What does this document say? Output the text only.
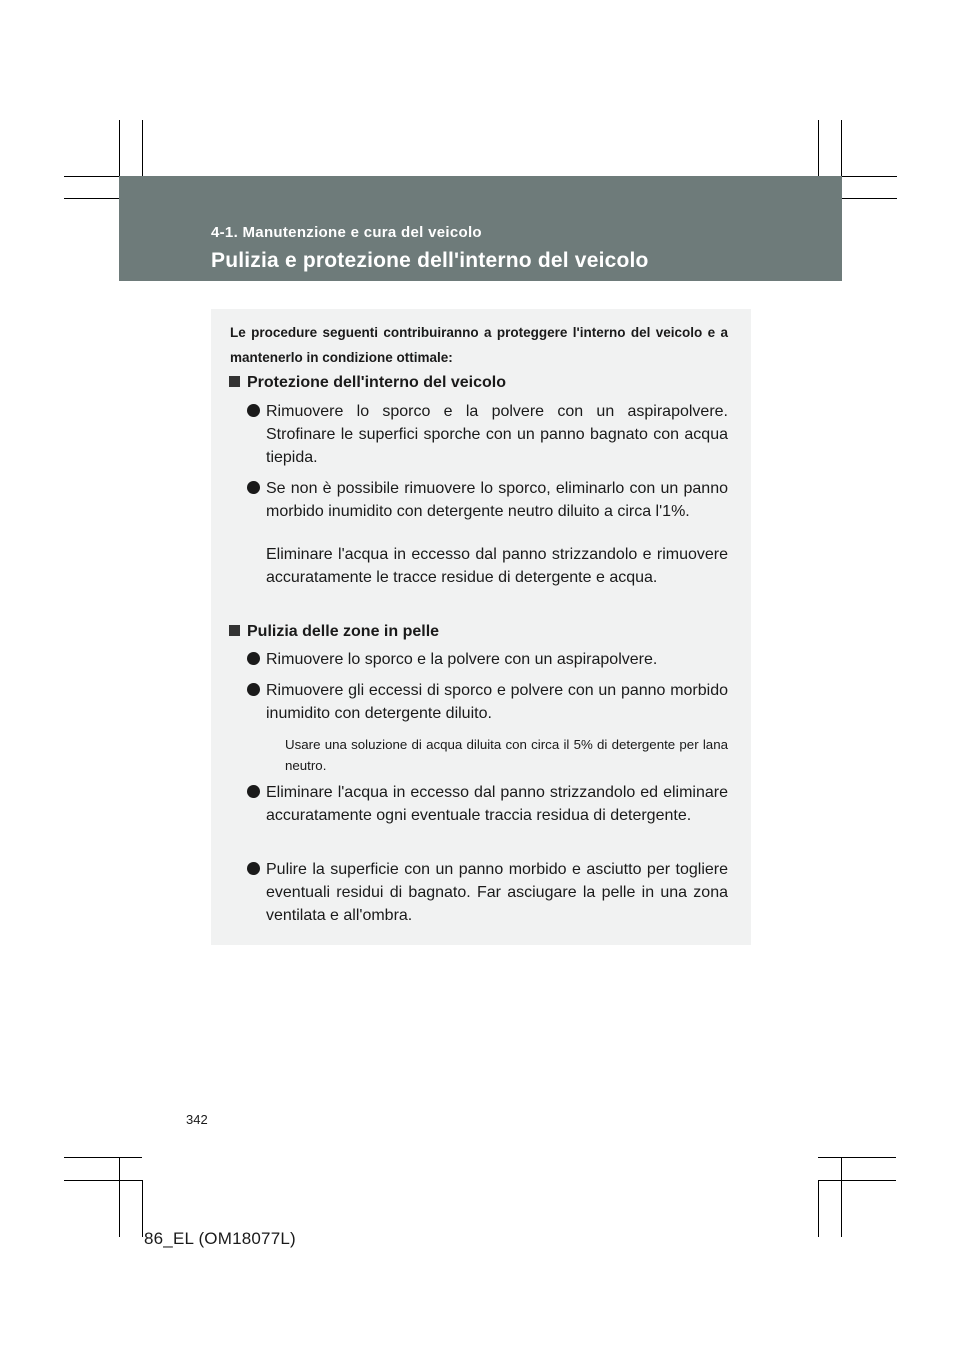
4-1. Manutenzione e cura del veicolo
Pulizia e protezione dell'interno del veicolo
Le procedure seguenti contribuiranno a proteggere l'interno del veicolo e a mantenerlo in condizione ottimale:
Protezione dell'interno del veicolo
Rimuovere lo sporco e la polvere con un aspirapolvere. Strofinare le superfici sporche con un panno bagnato con acqua tiepida.
Se non è possibile rimuovere lo sporco, eliminarlo con un panno morbido inumidito con detergente neutro diluito a circa l'1%.
Eliminare l'acqua in eccesso dal panno strizzandolo e rimuovere accuratamente le tracce residue di detergente e acqua.
Pulizia delle zone in pelle
Rimuovere lo sporco e la polvere con un aspirapolvere.
Rimuovere gli eccessi di sporco e polvere con un panno morbido inumidito con detergente diluito.
Usare una soluzione di acqua diluita con circa il 5% di detergente per lana neutro.
Eliminare l'acqua in eccesso dal panno strizzandolo ed eliminare accuratamente ogni eventuale traccia residua di detergente.
Pulire la superficie con un panno morbido e asciutto per togliere eventuali residui di bagnato. Far asciugare la pelle in una zona ventilata e all'ombra.
342
86_EL (OM18077L)
